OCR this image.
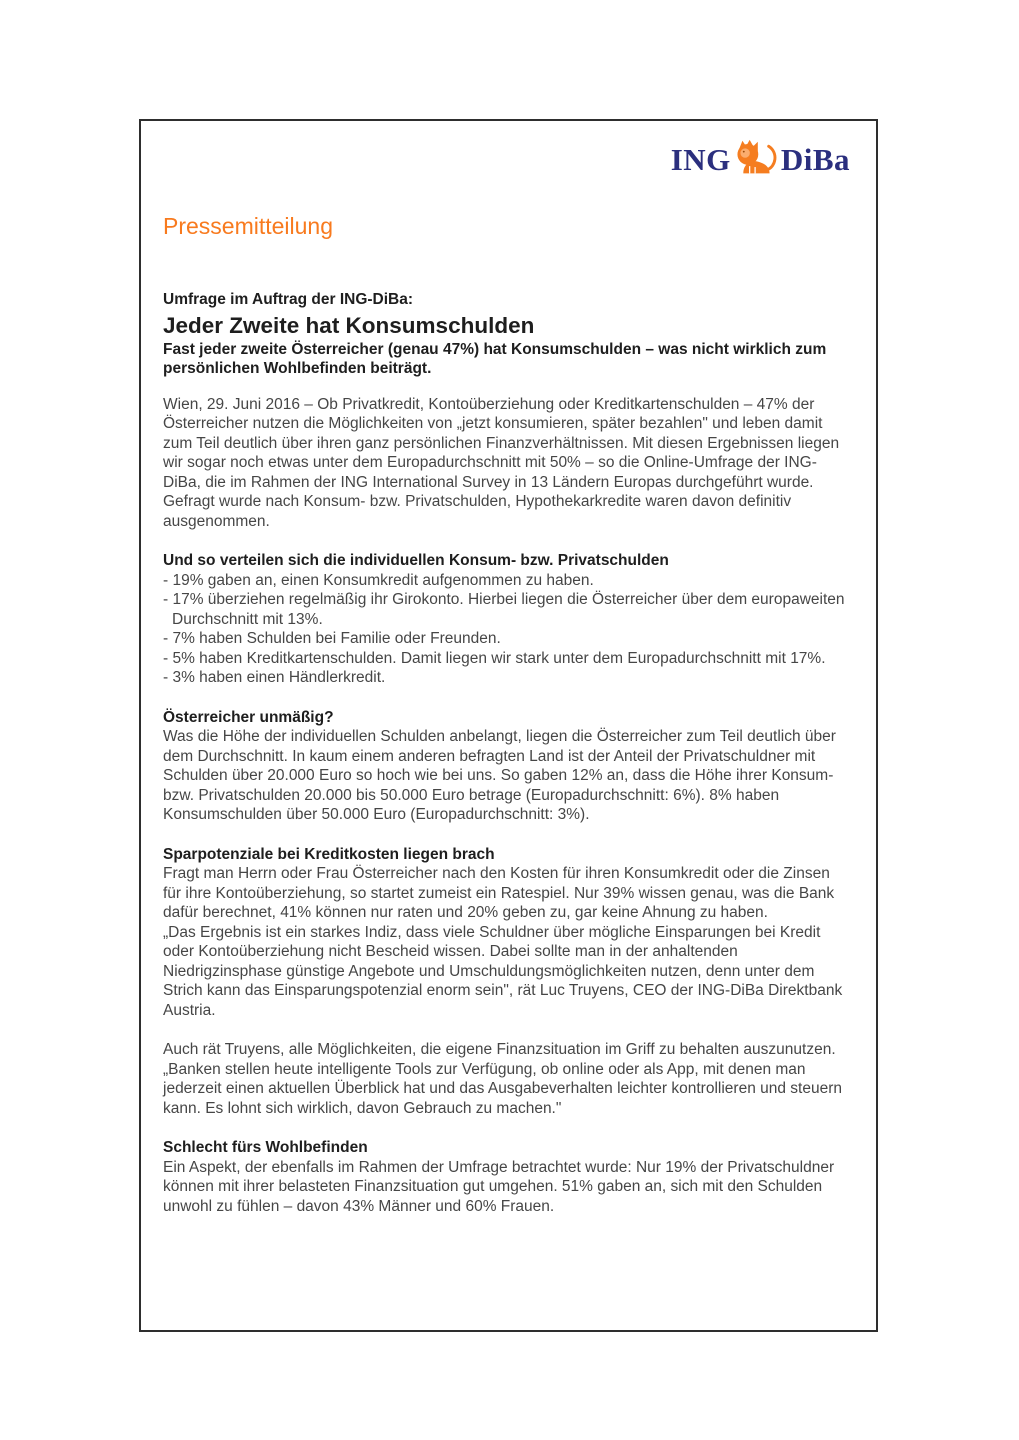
ING DiBa
Pressemitteilung
Umfrage im Auftrag der ING-DiBa:
Jeder Zweite hat Konsumschulden
Fast jeder zweite Österreicher (genau 47%) hat Konsumschulden – was nicht wirklich zum persönlichen Wohlbefinden beiträgt.

Wien, 29. Juni 2016 – Ob Privatkredit, Kontoüberziehung oder Kreditkartenschulden – 47% der Österreicher nutzen die Möglichkeiten von „jetzt konsumieren, später bezahlen" und leben damit zum Teil deutlich über ihren ganz persönlichen Finanzverhältnissen. Mit diesen Ergebnissen liegen wir sogar noch etwas unter dem Europadurchschnitt mit 50% – so die Online-Umfrage der ING-DiBa, die im Rahmen der ING International Survey in 13 Ländern Europas durchgeführt wurde. Gefragt wurde nach Konsum- bzw. Privatschulden, Hypothekarkredite waren davon definitiv ausgenommen.

Und so verteilen sich die individuellen Konsum- bzw. Privatschulden
- 19% gaben an, einen Konsumkredit aufgenommen zu haben.
- 17% überziehen regelmäßig ihr Girokonto. Hierbei liegen die Österreicher über dem europaweiten Durchschnitt mit 13%.
- 7% haben Schulden bei Familie oder Freunden.
- 5% haben Kreditkartenschulden. Damit liegen wir stark unter dem Europadurchschnitt mit 17%.
- 3% haben einen Händlerkredit.
Österreicher unmäßig?

Was die Höhe der individuellen Schulden anbelangt, liegen die Österreicher zum Teil deutlich über dem Durchschnitt. In kaum einem anderen befragten Land ist der Anteil der Privatschuldner mit Schulden über 20.000 Euro so hoch wie bei uns. So gaben 12% an, dass die Höhe ihrer Konsum- bzw. Privatschulden 20.000 bis 50.000 Euro betrage (Europadurchschnitt: 6%). 8% haben Konsumschulden über 50.000 Euro (Europadurchschnitt: 3%).

Sparpotenziale bei Kreditkosten liegen brach

Fragt man Herrn oder Frau Österreicher nach den Kosten für ihren Konsumkredit oder die Zinsen für ihre Kontoüberziehung, so startet zumeist ein Ratespiel. Nur 39% wissen genau, was die Bank dafür berechnet, 41% können nur raten und 20% geben zu, gar keine Ahnung zu haben.

„Das Ergebnis ist ein starkes Indiz, dass viele Schuldner über mögliche Einsparungen bei Kredit oder Kontoüberziehung nicht Bescheid wissen. Dabei sollte man in der anhaltenden Niedrigzinsphase günstige Angebote und Umschuldungsmöglichkeiten nutzen, denn unter dem Strich kann das Einsparungspotenzial enorm sein", rät Luc Truyens, CEO der ING-DiBa Direktbank Austria.

Auch rät Truyens, alle Möglichkeiten, die eigene Finanzsituation im Griff zu behalten auszunutzen. „Banken stellen heute intelligente Tools zur Verfügung, ob online oder als App, mit denen man jederzeit einen aktuellen Überblick hat und das Ausgabeverhalten leichter kontrollieren und steuern kann. Es lohnt sich wirklich, davon Gebrauch zu machen."

Schlecht fürs Wohlbefinden

Ein Aspekt, der ebenfalls im Rahmen der Umfrage betrachtet wurde: Nur 19% der Privatschuldner können mit ihrer belasteten Finanzsituation gut umgehen. 51% gaben an, sich mit den Schulden unwohl zu fühlen – davon 43% Männer und 60% Frauen.
